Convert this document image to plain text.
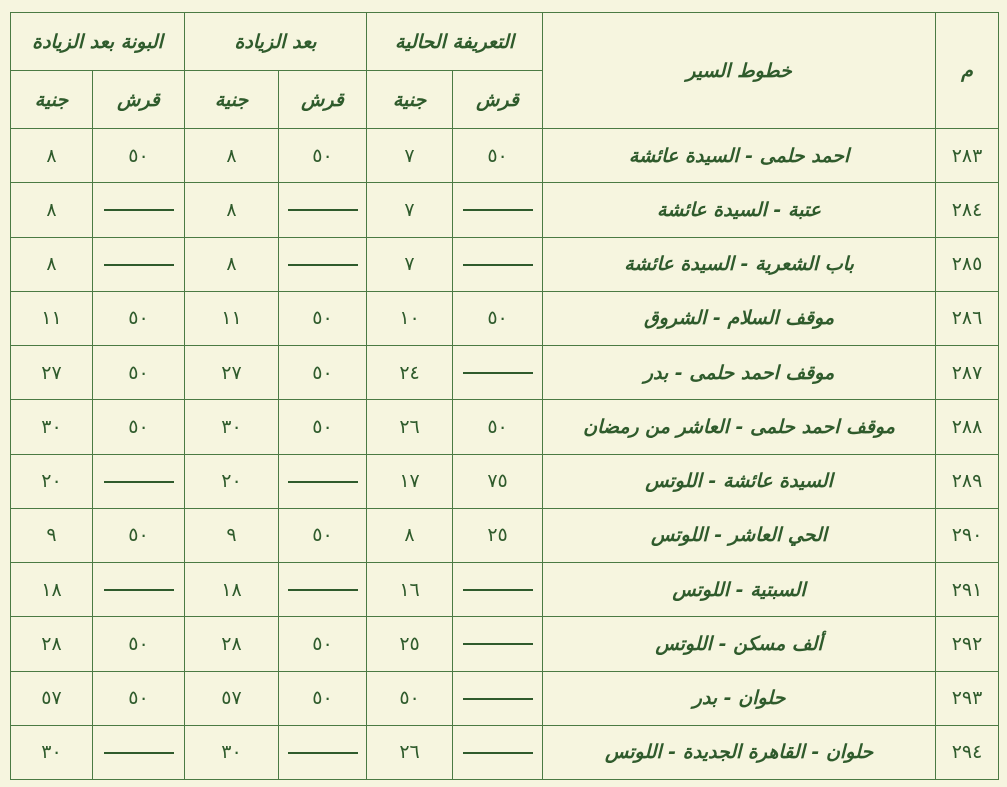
م	خطوط السير	التعريفة الحالية		بعد الزيادة		البونة بعد الزيادة	
		قرش	جنية	قرش	جنية	قرش	جنية
٢٨٣	احمد حلمى - السيدة عائشة	٥٠	٧	٥٠	٨	٥٠	٨
٢٨٤	عتبة - السيدة عائشة		٧		٨		٨
٢٨٥	باب الشعرية - السيدة عائشة		٧		٨		٨
٢٨٦	موقف السلام - الشروق	٥٠	١٠	٥٠	١١	٥٠	١١
٢٨٧	موقف احمد حلمى - بدر		٢٤	٥٠	٢٧	٥٠	٢٧
٢٨٨	موقف احمد حلمى - العاشر من رمضان	٥٠	٢٦	٥٠	٣٠	٥٠	٣٠
٢٨٩	السيدة عائشة - اللوتس	٧٥	١٧		٢٠		٢٠
٢٩٠	الحي العاشر - اللوتس	٢٥	٨	٥٠	٩	٥٠	٩
٢٩١	السبتية - اللوتس		١٦		١٨		١٨
٢٩٢	ألف مسكن - اللوتس		٢٥	٥٠	٢٨	٥٠	٢٨
٢٩٣	حلوان - بدر		٥٠	٥٠	٥٧	٥٠	٥٧
٢٩٤	حلوان - القاهرة الجديدة - اللوتس		٢٦		٣٠		٣٠
